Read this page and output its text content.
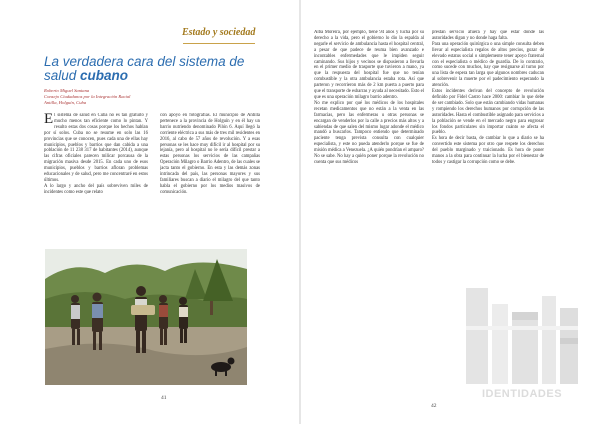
Estado y sociedad
La verdadera cara del sistema de
salud cubano
Roberto Miguel Santana
Consejo Ciudadanos por la Integración Racial
Antilla, Holguín, Cuba
E l sistema de salud en Cuba no es tan gratuito y mucho menos tan eficiente como lo pintan. Y resulto estas dos cosas porque los hechos hablan por sí solos. Cuba no se resume en solo las 16 provincias que se conocen, pues cada una de ellas hay municipios, pueblos y barrios que dan cabida a una población de 11 238 317 de habitantes (2014), aunque las cifras oficiales parecen milicar porcausa de la migración masiva desde 2015. En cada uno de esos municipios, pueblos y barrios afloran problemas educacionales y de salud, pero me concentraré en estos últimos.

A lo largo y ancho del país sobreviven miles de incidentes como este que relato

con apoyo en fotografías. El municipio de Antilla pertenece a la provincia de Holguín y en él hay un barrio nutriendo denominado Pilón 6. Aquí llegó la corriente eléctrica a sus más de tres mil residentes en 2016, al cabo de 57 años de revolución. Y a esas personas se les hace muy difícil ir al hospital por su lejanía, pero al hospital no le sería difícil prestar a estas personas los servicios de las campañas Operación Milagro o Barrio Adentro, de las cuales se jacta tanto el gobierno. En esta y las demás zonas intrincada del país, las personas mayores y sus familiares buscan a diario el milagro del que tanto habla el gobierno por los medios masivos de comunicación.

41

Alba Moreira, por ejemplo, tiene 94 años y lucha por su derecho a la vida, pero el gobierno lo dio la espalda al negarle el servicio de ambulancia hasta el hospital central, a pesar de que padece de reuma bien avanzado e incontables enfermedades que le impiden seguir caminando. Sus hijos y vecinos se dispusieron a llevarla en el primer medio de trasporte que tuvieron a mano, ya que la respuesta del hospital fue que no tenían combustible y la otra ambulancia estaba rota. Así que parteron y recorrieron más de 2 km puerta a puerto para que el transporte de esbarras y ayuda al necesitado. Esto el que es una operación milagro barrio adentro.

No me explico por qué los médicos de los hospitales recetan medicamentos que no están a la venta en las farmacias, pero las enfermeras u otras personas se encargan de venderlos por la calle a precios más altos y a sabiendas de que salen del mismo lugar adonde el médico mandó a buscarlos. Tampoco entiendo que determinado paciente tenga prevista consulta con cualquier especialista, y este no pueda atenderlo porque se fue de misión médica a Venezuela. ¿A quién pondrían el amparo? No se sabe. No hay a quién poner porque la revolución no cuenta que sus médicos

prestan servicio afuera y hay que estar donde las autoridades digan y no donde haga falta.

Para una operación quirúrgica o una simple consulta deben llevar al especialista regalos de altos precios, gozar de elevado estatus social o simplemente tener apoyo fraternal con el especialista o médico de guardia. De lo contrario, como sucede con muchos, hay que resignarse al turno por una lista de espera tan larga que algunos nombres caducan al sobrevenir la muerte por el padecimiento esperando la atención.

Estos incidentes derivan del concepto de revolución definido por Fidel Castro hace 2000: cambiar lo que debe de ser cambiado. Solo que están cambiando vidas humanas y rompiendo los derechos humanos por corrupción de las autoridades. Hasta el combustible asignado para servicios a la población se vende en el mercado negro para engrosar los fondos particulares sin importar cuánto se afecta el pueblo.

Es hora de decir basta, de cambiar lo que a diario se ha convertido este sistema por otro que respete los derechos del pueblo marginado y traicionado. Es hora de poner manos a la obra para continuar la lucha por el bienestar de todos y castigar la corrupción como se debe.

IDENTIDADES
42
